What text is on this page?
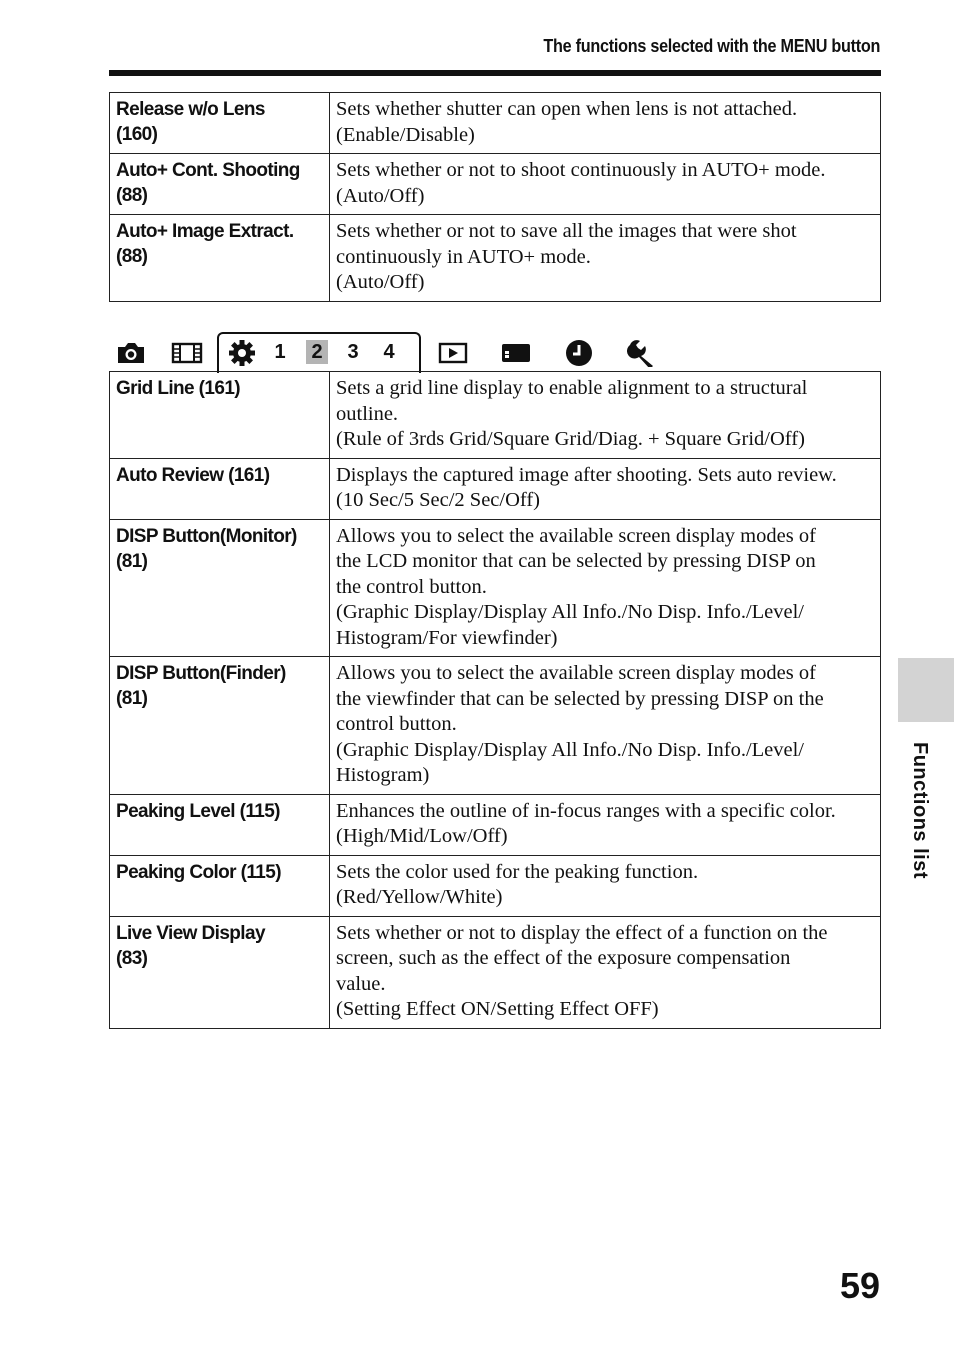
The functions selected with the MENU button
Release w/o Lens
(160)	Sets whether shutter can open when lens is not attached.
(Enable/Disable)

Auto+ Cont. Shooting
(88)	Sets whether or not to shoot continuously in AUTO+ mode.
(Auto/Off)

Auto+ Image Extract.
(88)	Sets whether or not to save all the images that were shot
continuously in AUTO+ mode.
(Auto/Off)
1 2 3 4
Grid Line (161)	Sets a grid line display to enable alignment to a structural
outline.
(Rule of 3rds Grid/Square Grid/Diag. + Square Grid/Off)

Auto Review (161)	Displays the captured image after shooting. Sets auto review.
(10 Sec/5 Sec/2 Sec/Off)

DISP Button(Monitor)
(81)	Allows you to select the available screen display modes of
the LCD monitor that can be selected by pressing DISP on
the control button.
(Graphic Display/Display All Info./No Disp. Info./Level/
Histogram/For viewfinder)

DISP Button(Finder)
(81)	Allows you to select the available screen display modes of
the viewfinder that can be selected by pressing DISP on the
control button.
(Graphic Display/Display All Info./No Disp. Info./Level/
Histogram)

Peaking Level (115)	Enhances the outline of in-focus ranges with a specific color.
(High/Mid/Low/Off)

Peaking Color (115)	Sets the color used for the peaking function.
(Red/Yellow/White)

Live View Display
(83)	Sets whether or not to display the effect of a function on the
screen, such as the effect of the exposure compensation
value.
(Setting Effect ON/Setting Effect OFF)
Functions list
59
